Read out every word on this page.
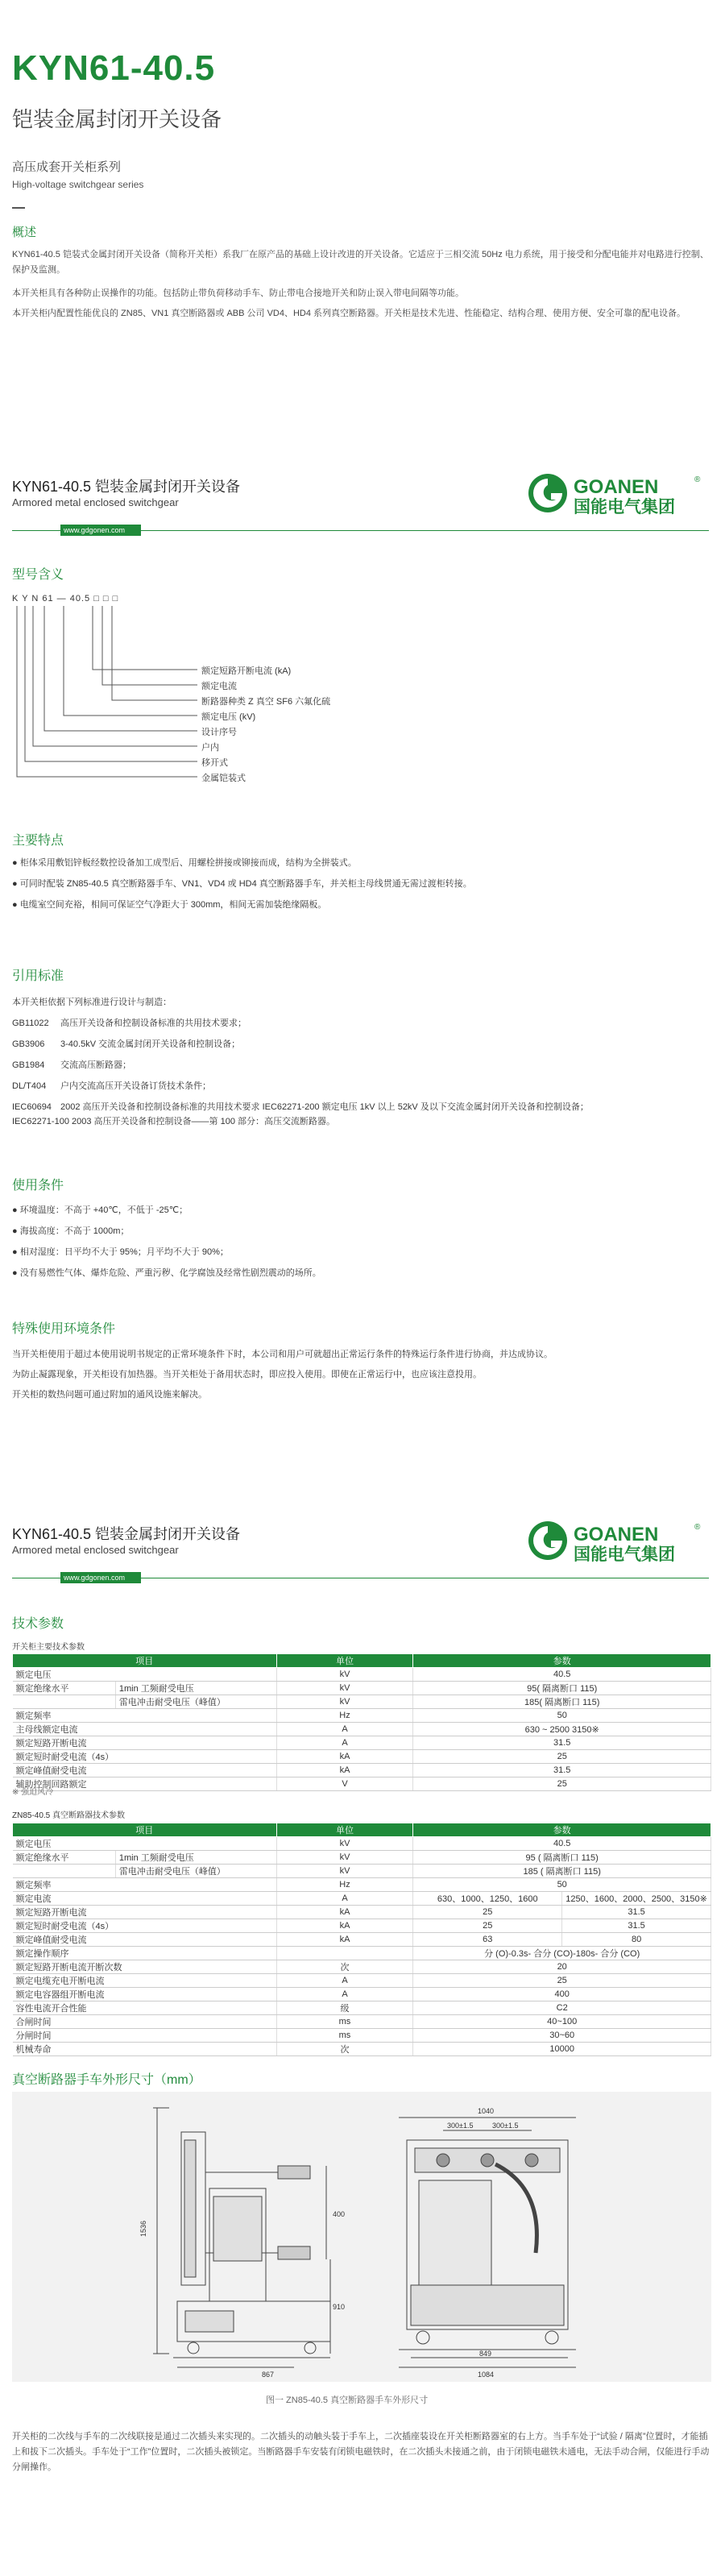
KYN61-40.5
铠装金属封闭开关设备
高压成套开关柜系列
High-voltage switchgear series
概述
KYN61-40.5 铠装式金属封闭开关设备（简称开关柜）系我厂在原产品的基础上设计改进的开关设备。它适应于三相交流 50Hz 电力系统，用于接受和分配电能并对电路进行控制、保护及监测。
本开关柜具有各种防止误操作的功能。包括防止带负荷移动手车、防止带电合接地开关和防止误入带电间隔等功能。
本开关柜内配置性能优良的 ZN85、VN1 真空断路器或 ABB 公司 VD4、HD4 系列真空断路器。开关柜是技术先进、性能稳定、结构合理、使用方便、安全可靠的配电设备。
KYN61-40.5 铠装金属封闭开关设备
Armored metal enclosed switchgear
www.gdgonen.com
GOANEN
国能电气集团
®
型号含义
K Y N 61 — 40.5 □ □ □
额定短路开断电流 (kA)
额定电流
断路器种类 Z 真空 SF6 六氟化硫
额定电压 (kV)
设计序号
户内
移开式
金属铠装式
主要特点
● 柜体采用敷铝锌板经数控设备加工成型后、用螺栓拼接或铆接而成，结构为全拼装式。
● 可同时配装 ZN85-40.5 真空断路器手车、VN1、VD4 或 HD4 真空断路器手车，并关柜主母线贯通无需过渡柜转接。
● 电缆室空间充裕，相间可保证空气净距大于 300mm，相间无需加装绝缘隔板。
引用标准
本开关柜依据下列标准进行设计与制造：
GB11022 高压开关设备和控制设备标准的共用技术要求；
GB3906 3-40.5kV 交流金属封闭开关设备和控制设备；
GB1984 交流高压断路器；
DL/T404 户内交流高压开关设备订货技术条件；
IEC60694 2002 高压开关设备和控制设备标准的共用技术要求 IEC62271-200 额定电压 1kV 以上 52kV 及以下交流金属封闭开关设备和控制设备；
IEC62271-100 2003 高压开关设备和控制设备——第 100 部分：高压交流断路器。
使用条件
● 环境温度：不高于 +40℃，不低于 -25℃；
● 海拔高度：不高于 1000m；
● 相对湿度：日平均不大于 95%；月平均不大于 90%；
● 没有易燃性气体、爆炸危险、严重污秽、化学腐蚀及经常性剧烈震动的场所。
特殊使用环境条件
当开关柜使用于超过本使用说明书规定的正常环境条件下时，本公司和用户可就超出正常运行条件的特殊运行条件进行协商，并达成协议。
为防止凝露现象，开关柜设有加热器。当开关柜处于备用状态时，即应投入使用。即使在正常运行中，也应该注意投用。
开关柜的数热问题可通过附加的通风设施来解决。
KYN61-40.5 铠装金属封闭开关设备
Armored metal enclosed switchgear
www.gdgonen.com
GOANEN
国能电气集团
®
技术参数
开关柜主要技术参数
项目		单位	参数
额定电压		kV	40.5
额定绝缘水平	1min 工频耐受电压	kV	95( 隔离断口 115)
	雷电冲击耐受电压（峰值）	kV	185( 隔离断口 115)
额定频率		Hz	50
主母线额定电流		A	630 ~ 2500 3150※
额定短路开断电流		A	31.5
额定短时耐受电流（4s）		kA	25
额定峰值耐受电流		kA	31.5
辅助控制回路额定		V	25
※ 强迫风冷
ZN85-40.5 真空断路器技术参数
项目		单位	参数	
额定电压		kV	40.5	
额定绝缘水平	1min 工频耐受电压	kV	95 ( 隔离断口 115)	
	雷电冲击耐受电压（峰值）	kV	185 ( 隔离断口 115)	
额定频率		Hz	50	
额定电流		A	630、1000、1250、1600	1250、1600、2000、2500、3150※
额定短路开断电流		kA	25	31.5
额定短时耐受电流（4s）		kA	25	31.5
额定峰值耐受电流		kA	63	80
额定操作顺序			分 (O)-0.3s- 合分 (CO)-180s- 合分 (CO)	
额定短路开断电流开断次数		次	20	
额定电缆充电开断电流		A	25	
额定电容器组开断电流		A	400	
容性电流开合性能		级	C2	
合闸时间		ms	40~100	
分闸时间		ms	30~60	
机械寿命		次	10000	
真空断路器手车外形尺寸（mm）
1536
400
910
867
1040
300±1.5	300±1.5
849
1084
图一 ZN85-40.5 真空断路器手车外形尺寸
开关柜的二次线与手车的二次线联接是通过二次插头来实现的。二次插头的动触头装于手车上，二次插座装设在开关柜断路器室的右上方。当手车处于“试验 / 隔离”位置时，才能插上和拔下二次插头。手车处于“工作”位置时，二次插头被锁定。当断路器手车安装有闭锁电磁铁时，在二次插头未接通之前，由于闭锁电磁铁未通电，无法手动合闸，仅能进行手动分闸操作。
